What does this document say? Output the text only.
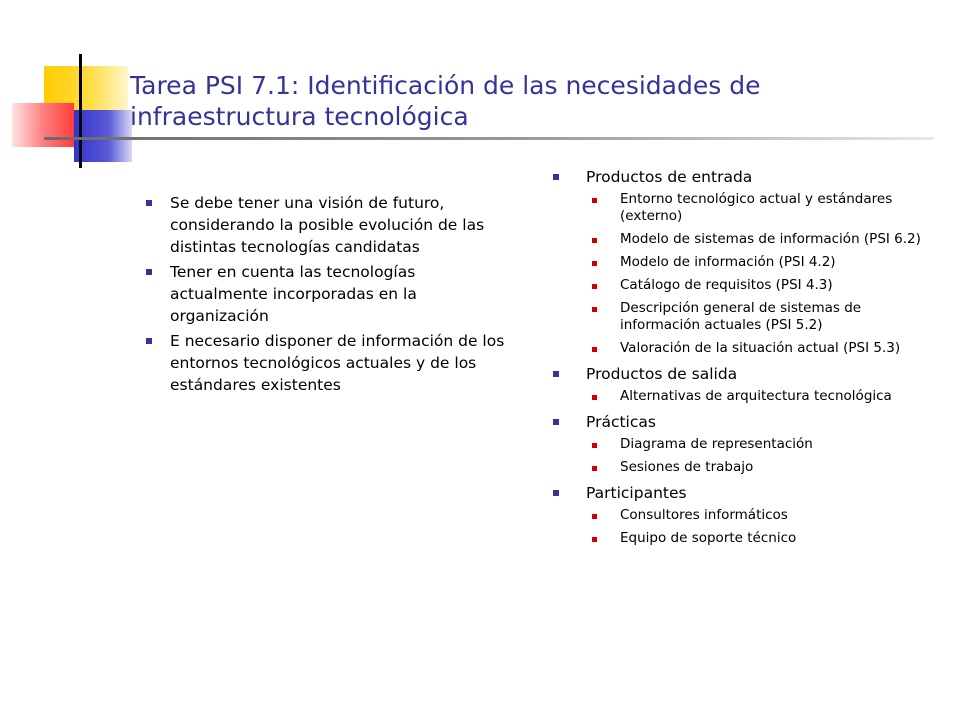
Tarea PSI 7.1: Identificación de las necesidades de infraestructura tecnológica
Se debe tener una visión de futuro, considerando la posible evolución de las distintas tecnologías candidatas
Tener en cuenta las tecnologías actualmente incorporadas en la organización
E necesario disponer de información de los entornos tecnológicos actuales y de los estándares existentes
Productos de entrada
Entorno tecnológico actual y estándares (externo)
Modelo de sistemas de información (PSI 6.2)
Modelo de información (PSI 4.2)
Catálogo de requisitos (PSI 4.3)
Descripción general de sistemas de información actuales (PSI 5.2)
Valoración de la situación actual (PSI 5.3)
Productos de salida
Alternativas de arquitectura tecnológica
Prácticas
Diagrama de representación
Sesiones de trabajo
Participantes
Consultores informáticos
Equipo de soporte técnico
